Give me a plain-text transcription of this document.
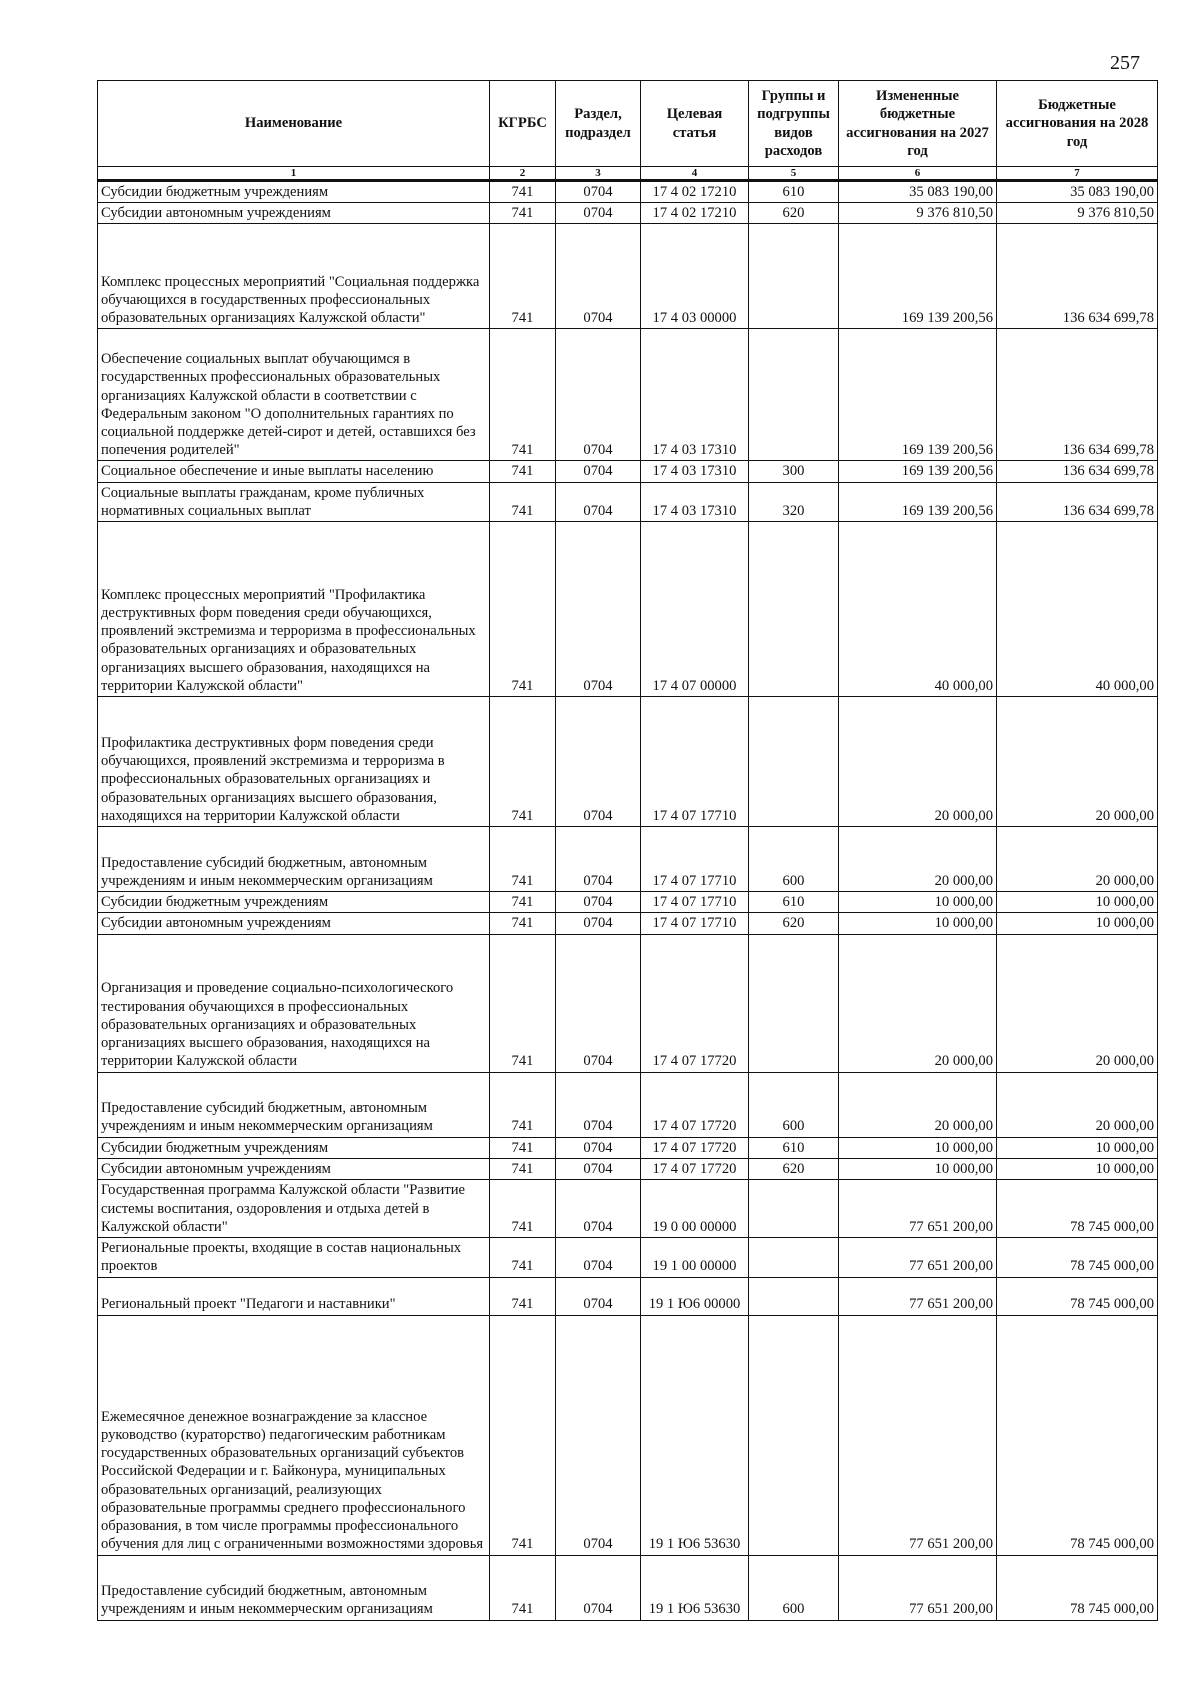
257
Наименование	КГРБС	Раздел, подраздел	Целевая статья	Группы и подгруппы видов расходов	Измененные бюджетные ассигнования на 2027 год	Бюджетные ассигнования на 2028 год
1	2	3	4	5	6	7
Субсидии бюджетным учреждениям	741	0704	17 4 02 17210	610	35 083 190,00	35 083 190,00
Субсидии автономным учреждениям	741	0704	17 4 02 17210	620	9 376 810,50	9 376 810,50
Комплекс процессных мероприятий "Социальная поддержка обучающихся в государственных профессиональных образовательных организациях Калужской области"	741	0704	17 4 03 00000		169 139 200,56	136 634 699,78
Обеспечение социальных выплат обучающимся в государственных профессиональных образовательных организациях Калужской области в соответствии с Федеральным законом "О дополнительных гарантиях по социальной поддержке детей-сирот и детей, оставшихся без попечения родителей"	741	0704	17 4 03 17310		169 139 200,56	136 634 699,78
Социальное обеспечение и иные выплаты населению	741	0704	17 4 03 17310	300	169 139 200,56	136 634 699,78
Социальные выплаты гражданам, кроме публичных нормативных социальных выплат	741	0704	17 4 03 17310	320	169 139 200,56	136 634 699,78
Комплекс процессных мероприятий "Профилактика деструктивных форм поведения среди обучающихся, проявлений экстремизма и терроризма в профессиональных образовательных организациях и образовательных организациях высшего образования, находящихся на территории Калужской области"	741	0704	17 4 07 00000		40 000,00	40 000,00
Профилактика деструктивных форм поведения среди обучающихся, проявлений экстремизма и терроризма в профессиональных образовательных организациях и образовательных организациях высшего образования, находящихся на территории Калужской области	741	0704	17 4 07 17710		20 000,00	20 000,00
Предоставление субсидий бюджетным, автономным учреждениям и иным некоммерческим организациям	741	0704	17 4 07 17710	600	20 000,00	20 000,00
Субсидии бюджетным учреждениям	741	0704	17 4 07 17710	610	10 000,00	10 000,00
Субсидии автономным учреждениям	741	0704	17 4 07 17710	620	10 000,00	10 000,00
Организация и проведение социально-психологического тестирования обучающихся в профессиональных образовательных организациях и образовательных организациях высшего образования, находящихся на территории Калужской области	741	0704	17 4 07 17720		20 000,00	20 000,00
Предоставление субсидий бюджетным, автономным учреждениям и иным некоммерческим организациям	741	0704	17 4 07 17720	600	20 000,00	20 000,00
Субсидии бюджетным учреждениям	741	0704	17 4 07 17720	610	10 000,00	10 000,00
Субсидии автономным учреждениям	741	0704	17 4 07 17720	620	10 000,00	10 000,00
Государственная программа Калужской области "Развитие системы воспитания, оздоровления и отдыха детей в Калужской области"	741	0704	19 0 00 00000		77 651 200,00	78 745 000,00
Региональные проекты, входящие в состав национальных проектов	741	0704	19 1 00 00000		77 651 200,00	78 745 000,00
Региональный проект "Педагоги и наставники"	741	0704	19 1 Ю6 00000		77 651 200,00	78 745 000,00
Ежемесячное денежное вознаграждение за классное руководство (кураторство) педагогическим работникам государственных образовательных организаций субъектов Российской Федерации и г. Байконура, муниципальных образовательных организаций, реализующих образовательные программы среднего профессионального образования, в том числе программы профессионального обучения для лиц с ограниченными возможностями здоровья	741	0704	19 1 Ю6 53630		77 651 200,00	78 745 000,00
Предоставление субсидий бюджетным, автономным учреждениям и иным некоммерческим организациям	741	0704	19 1 Ю6 53630	600	77 651 200,00	78 745 000,00
